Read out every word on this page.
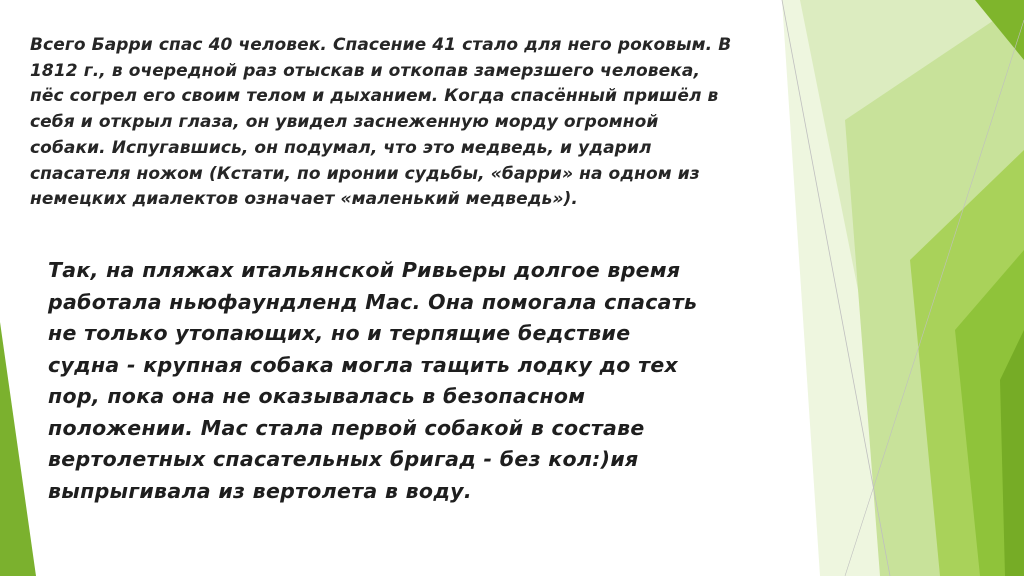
Всего Барри спас 40 человек. Спасение 41 стало для него роковым. В
1812 г., в очередной раз отыскав и откопав замерзшего человека,
пёс согрел его своим телом и дыханием. Когда спасённый пришёл в
себя и открыл глаза, он увидел заснеженную морду огромной
собаки. Испугавшись, он подумал, что это медведь, и ударил
спасателя ножом (Кстати, по иронии судьбы, «барри» на одном из
немецких диалектов означает «маленький медведь»).

Так, на пляжах итальянской Ривьеры долгое время
работала ньюфаундленд Мас. Она помогала спасать
не только утопающих, но и терпящие бедствие
судна - крупная собака могла тащить лодку до тех
пор, пока она не оказывалась в безопасном
положении. Мас стала первой собакой в составе
вертолетных спасательных бригад - без кол:)ия
выпрыгивала из вертолета в воду.
